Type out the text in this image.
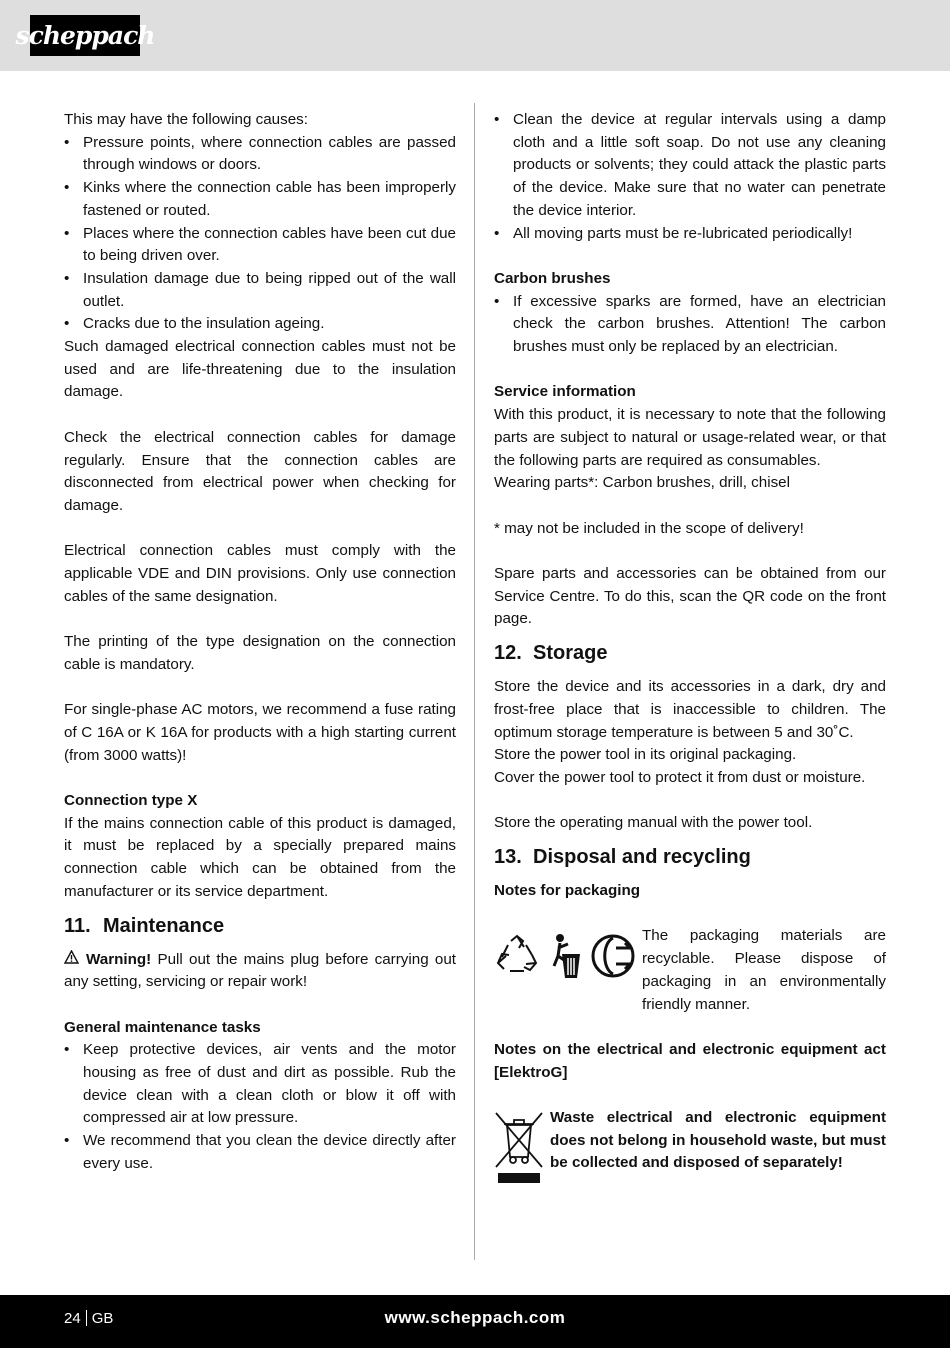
scheppach

This may have the following causes:

• Pressure points, where connection cables are passed through windows or doors.
• Kinks where the connection cable has been improperly fastened or routed.
• Places where the connection cables have been cut due to being driven over.
• Insulation damage due to being ripped out of the wall outlet.
• Cracks due to the insulation ageing.

Such damaged electrical connection cables must not be used and are life-threatening due to the insulation damage.

Check the electrical connection cables for damage regularly. Ensure that the connection cables are disconnected from electrical power when checking for damage.

Electrical connection cables must comply with the applicable VDE and DIN provisions. Only use connection cables of the same designation.

The printing of the type designation on the connection cable is mandatory.

For single-phase AC motors, we recommend a fuse rating of C 16A or K 16A for products with a high starting current (from 3000 watts)!

Connection type X

If the mains connection cable of this product is damaged, it must be replaced by a specially prepared mains connection cable which can be obtained from the manufacturer or its service department.

11. Maintenance

Warning! Pull out the mains plug before carrying out any setting, servicing or repair work!

General maintenance tasks

• Keep protective devices, air vents and the motor housing as free of dust and dirt as possible. Rub the device clean with a clean cloth or blow it off with compressed air at low pressure.
• We recommend that you clean the device directly after every use.
• Clean the device at regular intervals using a damp cloth and a little soft soap. Do not use any cleaning products or solvents; they could attack the plastic parts of the device. Make sure that no water can penetrate the device interior.
• All moving parts must be re-lubricated periodically!

Carbon brushes

• If excessive sparks are formed, have an electrician check the carbon brushes. Attention! The carbon brushes must only be replaced by an electrician.

Service information

With this product, it is necessary to note that the following parts are subject to natural or usage-related wear, or that the following parts are required as consumables.

Wearing parts*: Carbon brushes, drill, chisel

* may not be included in the scope of delivery!

Spare parts and accessories can be obtained from our Service Centre. To do this, scan the QR code on the front page.

12. Storage

Store the device and its accessories in a dark, dry and frost-free place that is inaccessible to children. The optimum storage temperature is between 5 and 30˚C.

Store the power tool in its original packaging.

Cover the power tool to protect it from dust or moisture.

Store the operating manual with the power tool.

13. Disposal and recycling

Notes for packaging

The packaging materials are recyclable. Please dispose of packaging in an environmentally friendly manner.

Notes on the electrical and electronic equipment act [ElektroG]

Waste electrical and electronic equipment does not belong in household waste, but must be collected and disposed of separately!
24 GB	www.scheppach.com
